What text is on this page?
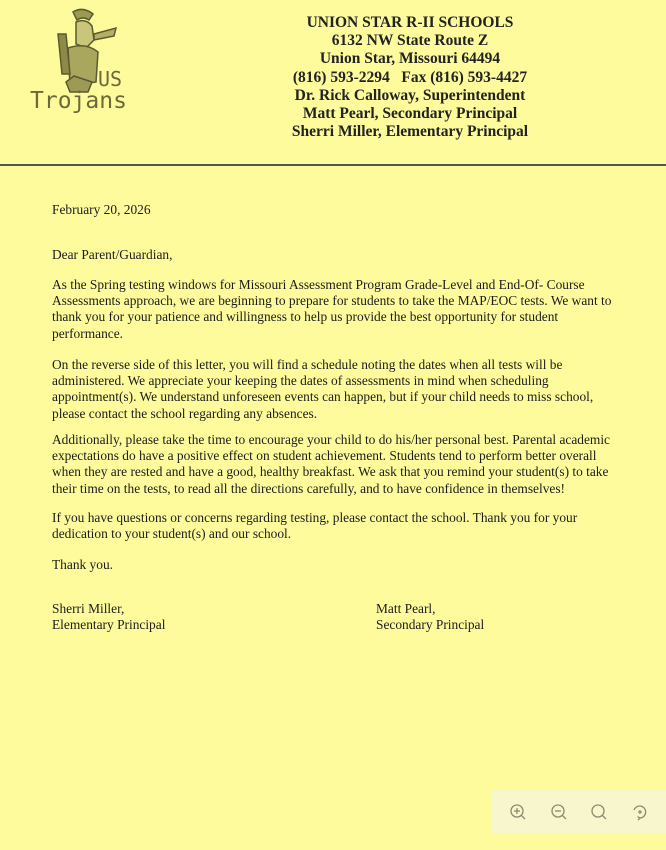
US
Trojans
UNION STAR R-II SCHOOLS
6132 NW State Route Z
Union Star, Missouri 64494
(816) 593-2294   Fax (816) 593-4427
Dr. Rick Calloway, Superintendent
Matt Pearl, Secondary Principal
Sherri Miller, Elementary Principal
February 20, 2026
Dear Parent/Guardian,
As the Spring testing windows for Missouri Assessment Program Grade-Level and End-Of- Course
Assessments approach, we are beginning to prepare for students to take the MAP/EOC tests. We want to
thank you for your patience and willingness to help us provide the best opportunity for student
performance.
On the reverse side of this letter, you will find a schedule noting the dates when all tests will be
administered. We appreciate your keeping the dates of assessments in mind when scheduling
appointment(s). We understand unforeseen events can happen, but if your child needs to miss school,
please contact the school regarding any absences.
Additionally, please take the time to encourage your child to do his/her personal best. Parental academic
expectations do have a positive effect on student achievement. Students tend to perform better overall
when they are rested and have a good, healthy breakfast. We ask that you remind your student(s) to take
their time on the tests, to read all the directions carefully, and to have confidence in themselves!
If you have questions or concerns regarding testing, please contact the school. Thank you for your
dedication to your student(s) and our school.
Thank you.
Sherri Miller,
Elementary Principal
Matt Pearl,
Secondary Principal
